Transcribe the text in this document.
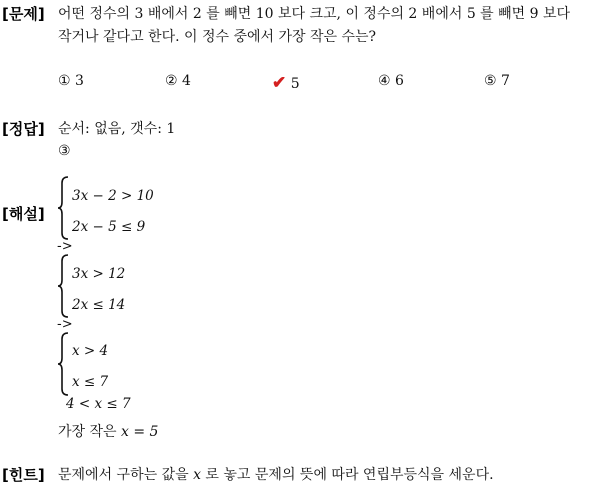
[문제] 어떤 정수의 3 배에서 2 를 빼면 10 보다 크고, 이 정수의 2 배에서 5 를 빼면 9 보다
작거나 같다고 한다. 이 정수 중에서 가장 작은 수는?
① 3	② 4	✔ 5	④ 6	⑤ 7
[정답] 순서: 없음, 갯수: 1
③
[해설]
3x − 2 > 10
2x − 5 ≤ 9
->
3x > 12
2x ≤ 14
->
x > 4
x ≤ 7
4 < x ≤ 7
가장 작은 x = 5
[힌트] 문제에서 구하는 값을 x 로 놓고 문제의 뜻에 따라 연립부등식을 세운다.
